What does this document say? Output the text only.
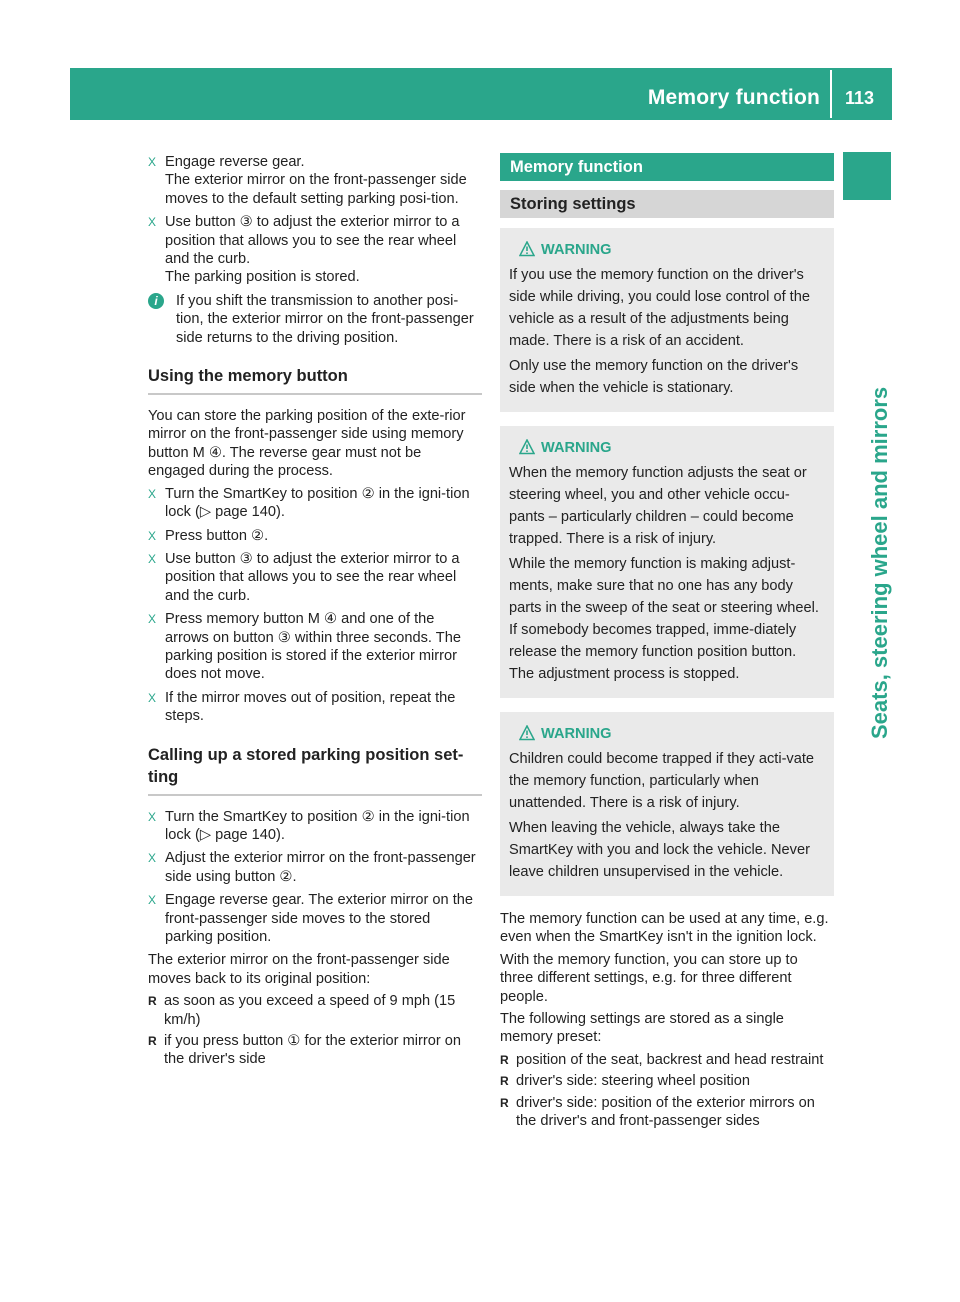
Memory function 113
Seats, steering wheel and mirrors
X Engage reverse gear.
The exterior mirror on the front-passenger side moves to the default setting parking posi-tion.
X Use button ③ to adjust the exterior mirror to a position that allows you to see the rear wheel and the curb.
The parking position is stored.
i	If you shift the transmission to another posi-tion, the exterior mirror on the front-passenger side returns to the driving position.
Using the memory button
You can store the parking position of the exte-rior mirror on the front-passenger side using memory button M ④. The reverse gear must not be engaged during the process.
X Turn the SmartKey to position ② in the igni-tion lock (▷ page 140).
X Press button ②.
X Use button ③ to adjust the exterior mirror to a position that allows you to see the rear wheel and the curb.
X Press memory button M ④ and one of the arrows on button ③ within three seconds. The parking position is stored if the exterior mirror does not move.
X If the mirror moves out of position, repeat the steps.
Calling up a stored parking position set-ting
X Turn the SmartKey to position ② in the igni-tion lock (▷ page 140).
X Adjust the exterior mirror on the front-passenger side using button ②.
X Engage reverse gear. The exterior mirror on the front-passenger side moves to the stored parking position.
The exterior mirror on the front-passenger side moves back to its original position:
R as soon as you exceed a speed of 9 mph (15 km/h)
R if you press button ① for the exterior mirror on the driver's side
Memory function
Storing settings
WARNING

If you use the memory function on the driver's side while driving, you could lose control of the vehicle as a result of the adjustments being made. There is a risk of an accident.

Only use the memory function on the driver's side when the vehicle is stationary.

WARNING

When the memory function adjusts the seat or steering wheel, you and other vehicle occu-pants – particularly children – could become trapped. There is a risk of injury.

While the memory function is making adjust-ments, make sure that no one has any body parts in the sweep of the seat or steering wheel. If somebody becomes trapped, imme-diately release the memory function position button. The adjustment process is stopped.

WARNING

Children could become trapped if they acti-vate the memory function, particularly when unattended. There is a risk of injury.

When leaving the vehicle, always take the SmartKey with you and lock the vehicle. Never leave children unsupervised in the vehicle.

The memory function can be used at any time, e.g. even when the SmartKey isn't in the ignition lock.
With the memory function, you can store up to three different settings, e.g. for three different people.
The following settings are stored as a single memory preset:
R position of the seat, backrest and head restraint
R driver's side: steering wheel position
R driver's side: position of the exterior mirrors on the driver's and front-passenger sides
